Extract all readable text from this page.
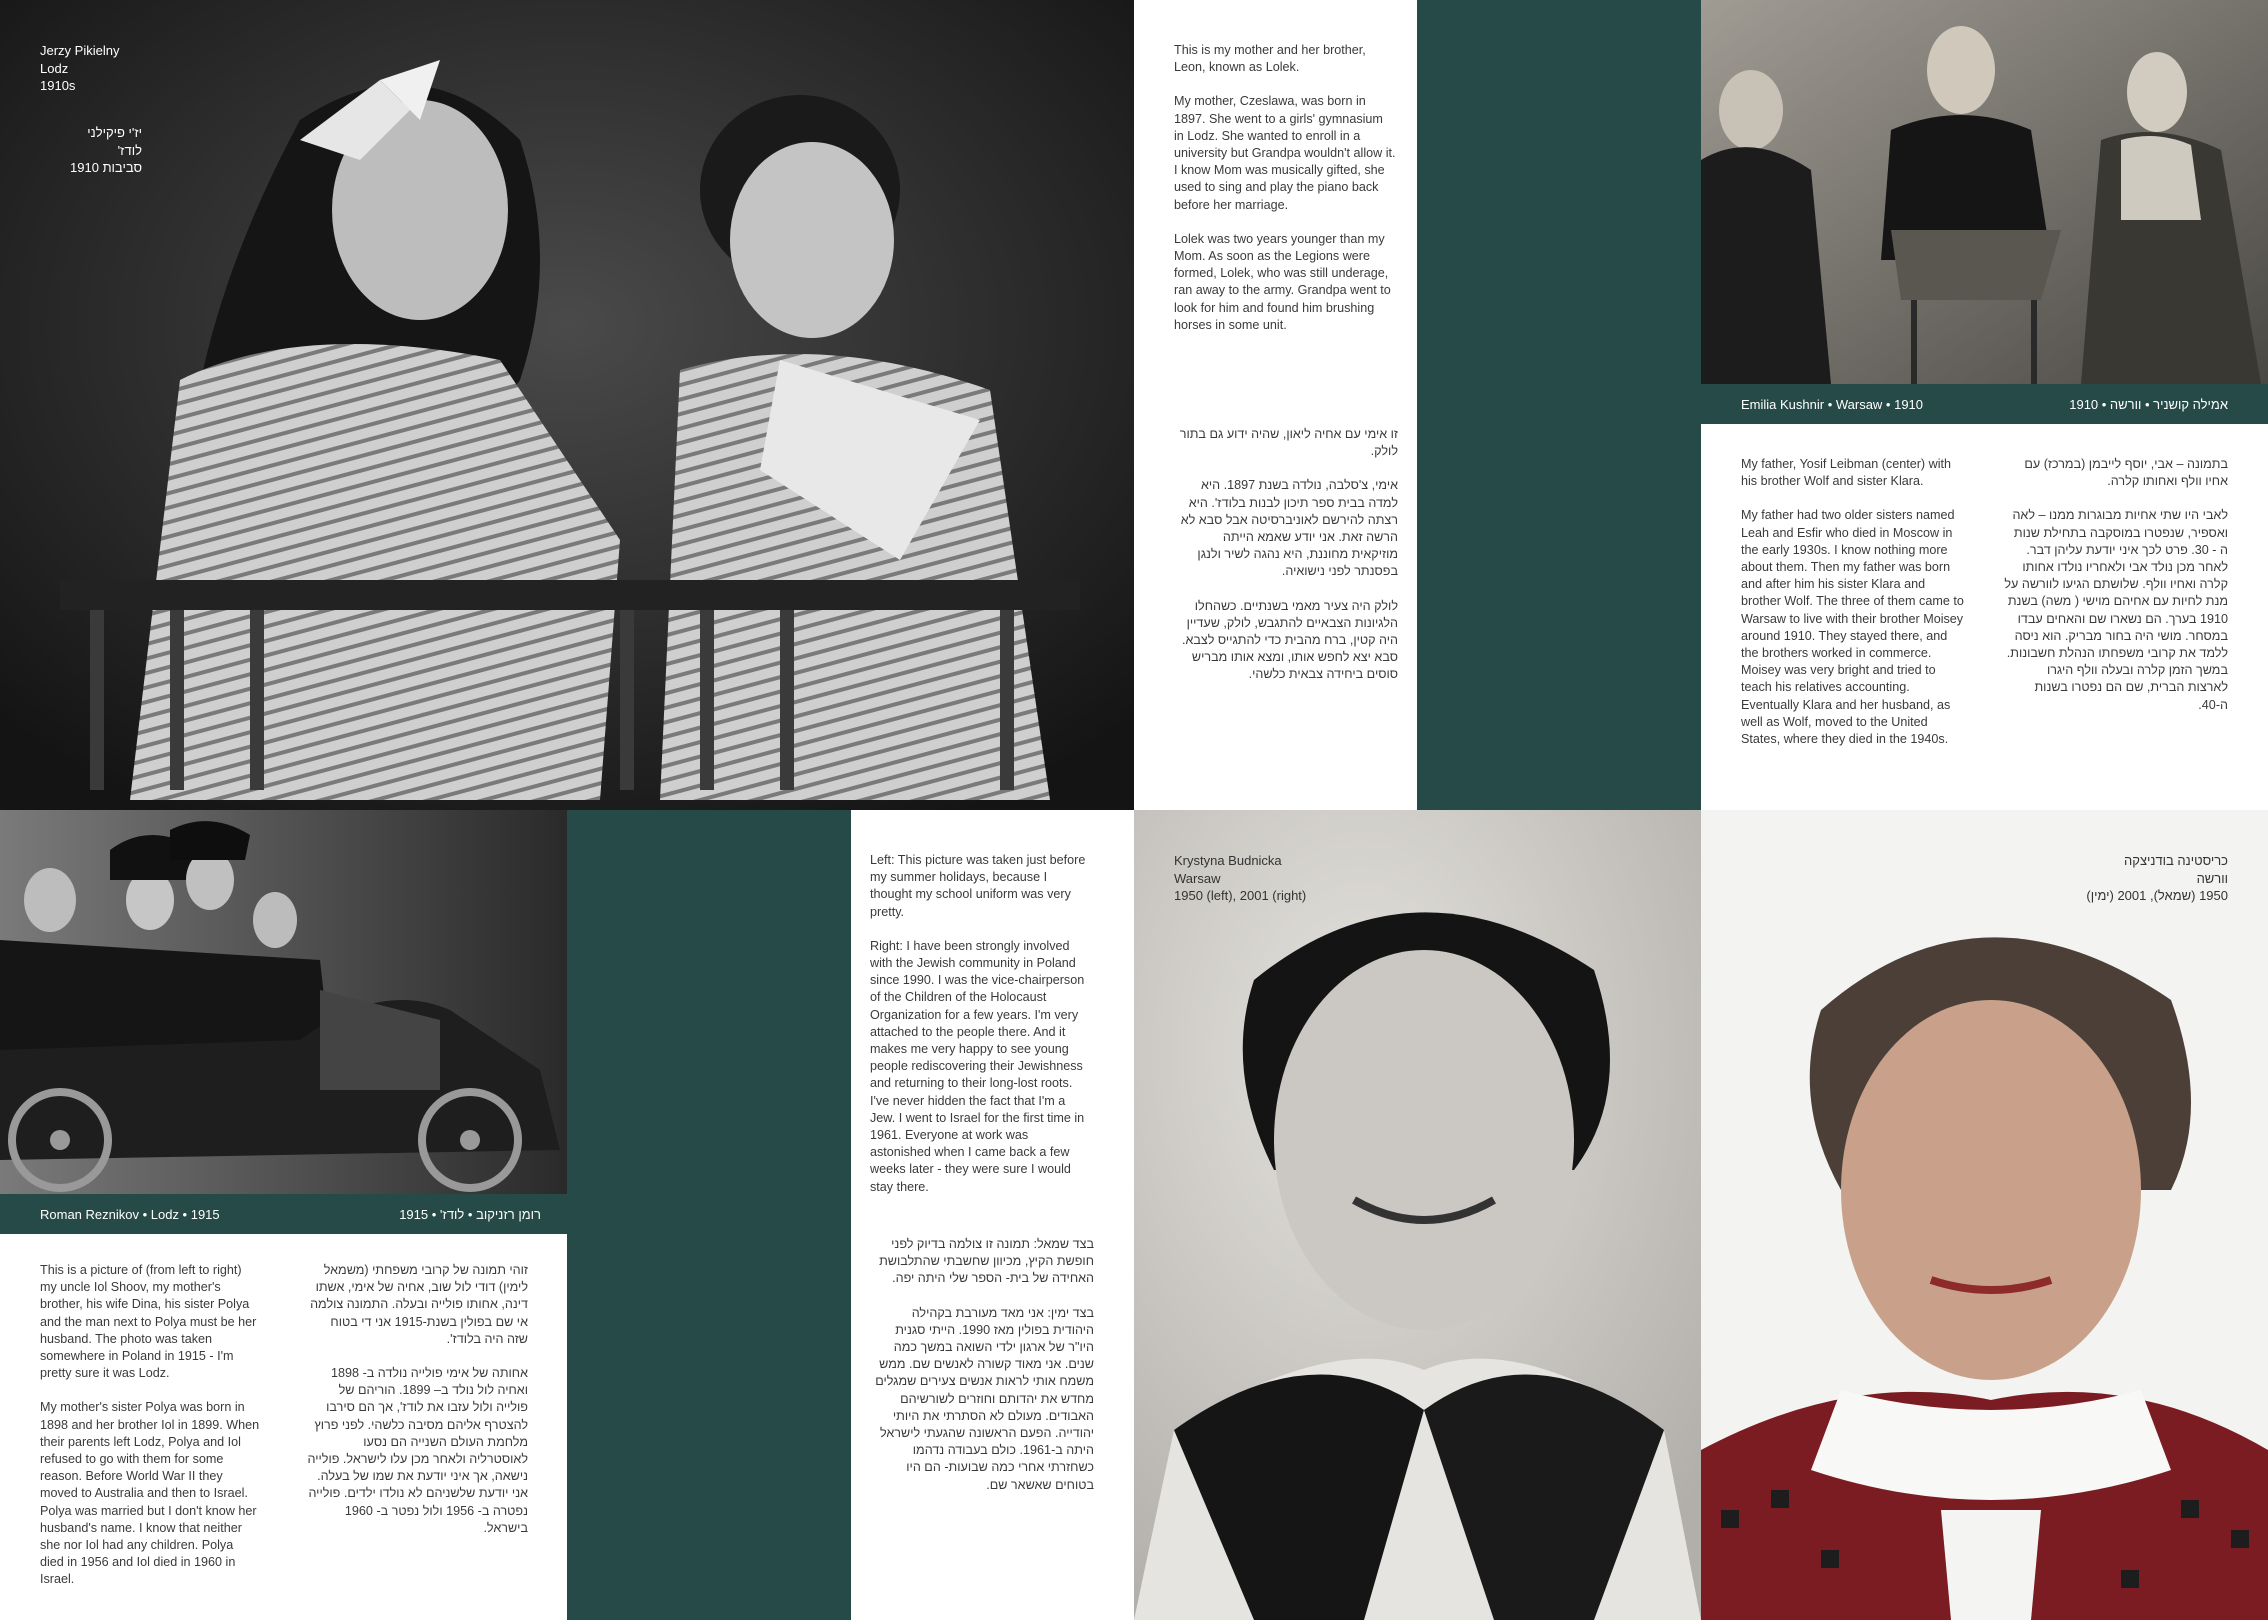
Jerzy Pikielny
Lodz
1910s
יז'י פיקילני
לודז'
סביבות 1910

This is my mother and her brother, Leon, known as Lolek.

My mother, Czeslawa, was born in 1897. She went to a girls' gymnasium in Lodz. She wanted to enroll in a university but Grandpa wouldn't allow it. I know Mom was musically gifted, she used to sing and play the piano back before her marriage.

Lolek was two years younger than my Mom. As soon as the Legions were formed, Lolek, who was still underage, ran away to the army. Grandpa went to look for him and found him brushing horses in some unit.

זו אימי עם אחיה ליאון, שהיה ידוע גם בתור לולק.

אימי, צ'סלבה, נולדה בשנת 1897. היא למדה בבית ספר תיכון לבנות בלודז'. היא רצתה להירשם לאוניברסיטה אבל סבא לא הרשה זאת. אני יודע שאמא הייתה מוזיקאית מחוננת, היא נהגה לשיר ולנגן בפסנתר לפני נישואיה.

לולק היה צעיר מאמי בשנתיים. כשהחלו הלגיונות הצבאיים להתגבש, לולק, שעדיין היה קטין, ברח מהבית כדי להתגייס לצבא. סבא יצא לחפש אותו, ומצא אותו מבריש סוסים ביחידה צבאית כלשהי.

Emilia Kushnir • Warsaw • 1910	אמילה קושניר • וורשה • 1910

My father, Yosif Leibman (center) with his brother Wolf and sister Klara.

My father had two older sisters named Leah and Esfir who died in Moscow in the early 1930s. I know nothing more about them. Then my father was born and after him his sister Klara and brother Wolf. The three of them came to Warsaw to live with their brother Moisey around 1910. They stayed there, and the brothers worked in commerce. Moisey was very bright and tried to teach his relatives accounting. Eventually Klara and her husband, as well as Wolf, moved to the United States, where they died in the 1940s.

בתמונה – אבי, יוסף לייבמן (במרכז) עם אחיו וולף ואחותו קלרה.

לאבי היו שתי אחיות מבוגרות ממנו – לאה ואספיר, שנפטרו במוסקבה בתחילת שנות ה - 30. פרט לכך איני יודעת עליהן דבר. לאחר מכן נולד אבי ולאחריו נולדו אחותו קלרה ואחיו וולף. שלושתם הגיעו לוורשה על מנת לחיות עם אחיהם מוישי ( משה) בשנת 1910 בערך. הם נשארו שם והאחים עבדו במסחר. מושי היה בחור מבריק. הוא ניסה ללמד את קרובי משפחתו הנהלת חשבונות. במשך הזמן קלרה ובעלה וולף היגרו לארצות הברית, שם הם נפטרו בשנות ה-40.

Roman Reznikov • Lodz • 1915	רומן רזניקוב • לודז' • 1915

This is a picture of (from left to right) my uncle Iol Shoov, my mother's brother, his wife Dina, his sister Polya and the man next to Polya must be her husband. The photo was taken somewhere in Poland in 1915 - I'm pretty sure it was Lodz.

My mother's sister Polya was born in 1898 and her brother Iol in 1899. When their parents left Lodz, Polya and Iol refused to go with them for some reason. Before World War II they moved to Australia and then to Israel. Polya was married but I don't know her husband's name. I know that neither she nor Iol had any children. Polya died in 1956 and Iol died in 1960 in Israel.

זוהי תמונה של קרובי משפחתי (משמאל לימין) דודי לול שוב, אחיה של אימי, אשתו דינה, אחותו פולייה ובעלה. התמונה צולמה אי שם בפולין בשנת-1915 אני די בטוח שזה היה בלודז'.

אחותה של אימי פולייה נולדה ב- 1898 ואחיה לול נולד ב– 1899. הוריהם של פולייה ולול עזבו את לודז', אך הם סירבו להצטרף אליהם מסיבה כלשהי. לפני פרוץ מלחמת העולם השנייה הם נסעו לאוסטרליה ולאחר מכן עלו לישראל. פולייה נישאה, אך איני יודעת את שמו של בעלה. אני יודעת שלשניהם לא נולדו ילדים. פולייה נפטרה ב- 1956 ולול נפטר ב- 1960 בישראל.

Left: This picture was taken just before my summer holidays, because I thought my school uniform was very pretty.

Right: I have been strongly involved with the Jewish community in Poland since 1990. I was the vice-chairperson of the Children of the Holocaust Organization for a few years. I'm very attached to the people there. And it makes me very happy to see young people rediscovering their Jewishness and returning to their long-lost roots. I've never hidden the fact that I'm a Jew. I went to Israel for the first time in 1961. Everyone at work was astonished when I came back a few weeks later - they were sure I would stay there.

בצד שמאל: תמונה זו צולמה בדיוק לפני חופשת הקיץ, מכיוון שחשבתי שהתלבושת האחידה של בית- הספר שלי היתה יפה.

בצד ימין: אני מאד מעורבת בקהילה היהודית בפולין מאז 1990. הייתי סגנית היו"ר של ארגון ילדי השואה במשך כמה שנים. אני מאוד קשורה לאנשים שם. ממש משמח אותי לראות אנשים צעירים שמגלים מחדש את יהדותם וחוזרים לשורשיהם האבודים. מעולם לא הסתרתי את היותי יהודייה. הפעם הראשונה שהגעתי לישראל היתה ב-1961. כולם בעבודה נדהמו כשחזרתי אחרי כמה שבועות- הם היו בטוחים שאשאר שם.

Krystyna Budnicka
Warsaw
1950 (left), 2001 (right)
כריסטינה בודניצקה
וורשה
1950 (שמאל), 2001 (ימין)
